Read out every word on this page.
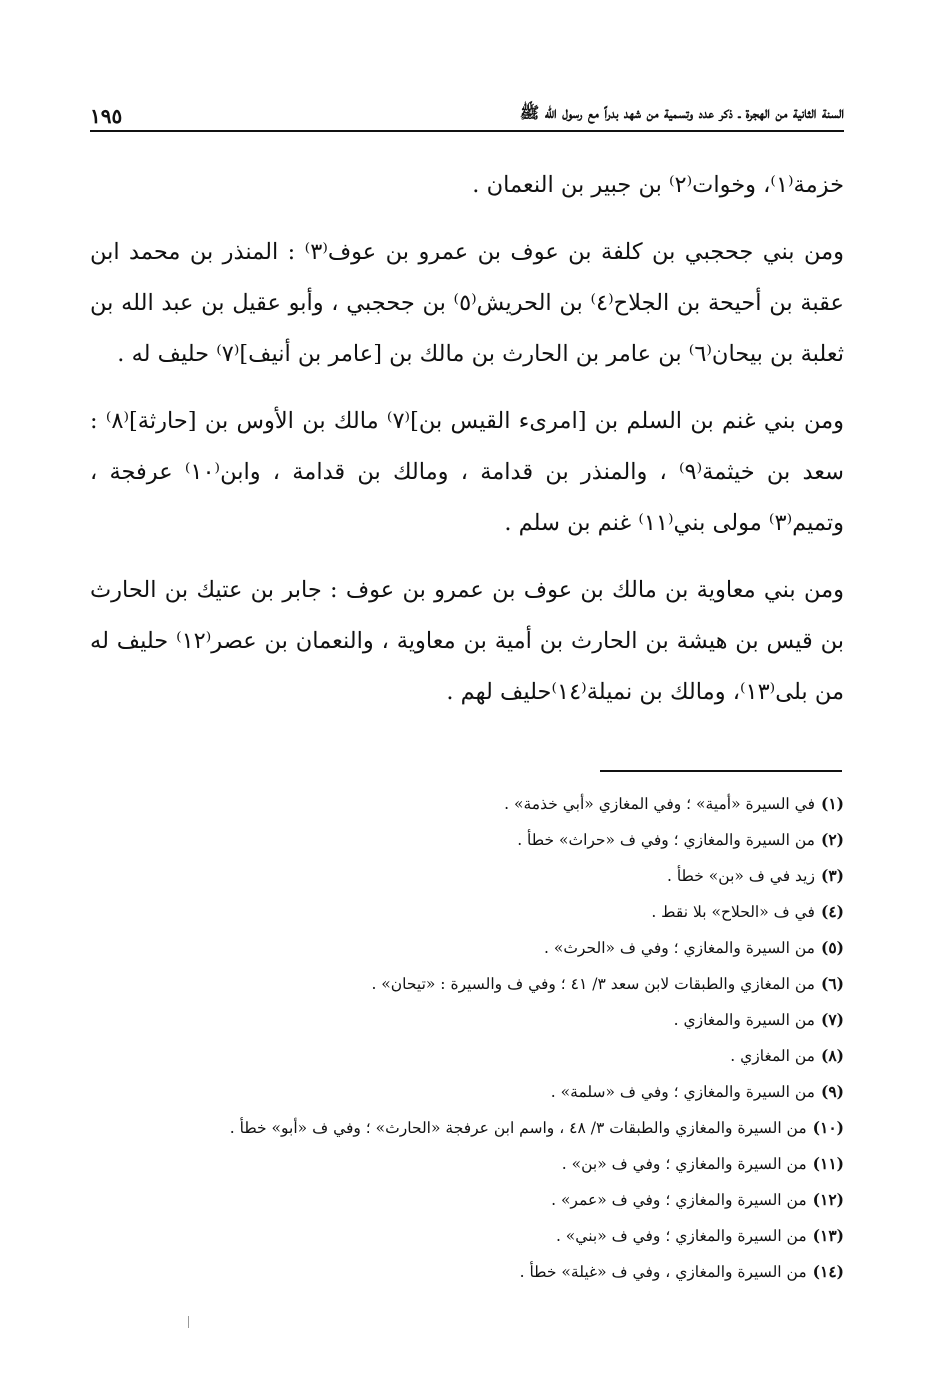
السنة الثانية من الهجرة ـ ذكر عدد وتسمية من شهد بدراً مع رسول الله ﷺ
١٩٥

خزمة⁽١⁾، وخوات⁽٢⁾ بن جبير بن النعمان .

ومن بني جحجبي بن كلفة بن عوف بن عمرو بن عوف⁽٣⁾ : المنذر بن محمد ابن عقبة بن أحيحة بن الجلاح⁽٤⁾ بن الحريش⁽٥⁾ بن جحجبي ، وأبو عقيل بن عبد الله بن ثعلبة بن بيحان⁽٦⁾ بن عامر بن الحارث بن مالك بن [عامر بن أنيف]⁽٧⁾ حليف له .

ومن بني غنم بن السلم بن [امرىء القيس بن]⁽٧⁾ مالك بن الأوس بن [حارثة]⁽٨⁾ : سعد بن خيثمة⁽٩⁾ ، والمنذر بن قدامة ، ومالك بن قدامة ، وابن⁽١٠⁾ عرفجة ، وتميم⁽٣⁾ مولى بني⁽١١⁾ غنم بن سلم .

ومن بني معاوية بن مالك بن عوف بن عمرو بن عوف : جابر بن عتيك بن الحارث بن قيس بن هيشة بن الحارث بن أمية بن معاوية ، والنعمان بن عصر⁽١٢⁾ حليف له من بلى⁽١٣⁾، ومالك بن نميلة⁽١٤⁾حليف لهم .

(١)في السيرة «أمية» ؛ وفي المغازي «أبي خذمة» .
(٢)من السيرة والمغازي ؛ وفي ف «حراث» خطأ .
(٣)زيد في ف «بن» خطأ .
(٤)في ف «الحلاح» بلا نقط .
(٥)من السيرة والمغازي ؛ وفي ف «الحرث» .
(٦)من المغازي والطبقات لابن سعد ٣/ ٤١ ؛ وفي ف والسيرة : «تيحان» .
(٧)من السيرة والمغازي .
(٨)من المغازي .
(٩)من السيرة والمغازي ؛ وفي ف «سلمة» .
(١٠)من السيرة والمغازي والطبقات ٣/ ٤٨ ، واسم ابن عرفجة «الحارث» ؛ وفي ف «أبو» خطأ .
(١١)من السيرة والمغازي ؛ وفي ف «بن» .
(١٢)من السيرة والمغازي ؛ وفي ف «عمر» .
(١٣)من السيرة والمغازي ؛ وفي ف «بني» .
(١٤)من السيرة والمغازي ، وفي ف «غيلة» خطأ .
